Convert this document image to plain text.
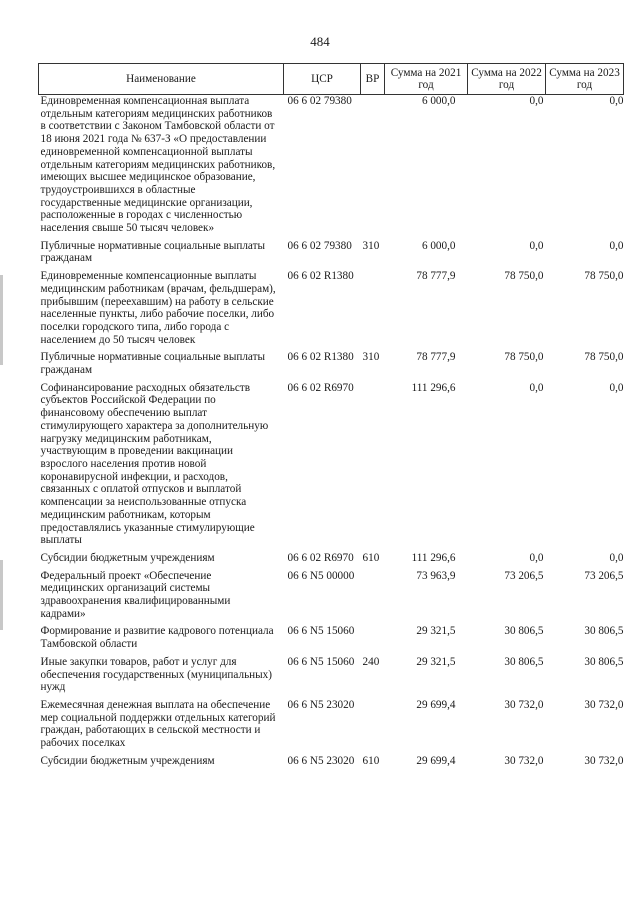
484
Наименование	ЦСР	ВР	Сумма на 2021 год	Сумма на 2022 год	Сумма на 2023 год
Единовременная компенсационная выплата отдельным категориям медицинских работников в соответствии с Законом Тамбовской области от 18 июня 2021 года № 637-З «О предоставлении единовременной компенсационной выплаты отдельным категориям медицинских работников, имеющих высшее медицинское образование, трудоустроившихся в областные государственные медицинские организации, расположенные в городах с численностью населения свыше 50 тысяч человек»	06 6 02 79380		6 000,0	0,0	0,0
Публичные нормативные социальные выплаты гражданам	06 6 02 79380	310	6 000,0	0,0	0,0
Единовременные компенсационные выплаты медицинским работникам (врачам, фельдшерам), прибывшим (переехавшим) на работу в сельские населенные пункты, либо рабочие поселки, либо поселки городского типа, либо города с населением до 50 тысяч человек	06 6 02 R1380		78 777,9	78 750,0	78 750,0
Публичные нормативные социальные выплаты гражданам	06 6 02 R1380	310	78 777,9	78 750,0	78 750,0
Софинансирование расходных обязательств субъектов Российской Федерации по финансовому обеспечению выплат стимулирующего характера за дополнительную нагрузку медицинским работникам, участвующим в проведении вакцинации взрослого населения против новой коронавирусной инфекции, и расходов, связанных с оплатой отпусков и выплатой компенсации за неиспользованные отпуска медицинским работникам, которым предоставлялись указанные стимулирующие выплаты	06 6 02 R6970		111 296,6	0,0	0,0
Субсидии бюджетным учреждениям	06 6 02 R6970	610	111 296,6	0,0	0,0
Федеральный проект «Обеспечение медицинских организаций системы здравоохранения квалифицированными кадрами»	06 6 N5 00000		73 963,9	73 206,5	73 206,5
Формирование и развитие кадрового потенциала Тамбовской области	06 6 N5 15060		29 321,5	30 806,5	30 806,5
Иные закупки товаров, работ и услуг для обеспечения государственных (муниципальных) нужд	06 6 N5 15060	240	29 321,5	30 806,5	30 806,5
Ежемесячная денежная выплата на обеспечение мер социальной поддержки отдельных категорий граждан, работающих в сельской местности и рабочих поселках	06 6 N5 23020		29 699,4	30 732,0	30 732,0
Субсидии бюджетным учреждениям	06 6 N5 23020	610	29 699,4	30 732,0	30 732,0
